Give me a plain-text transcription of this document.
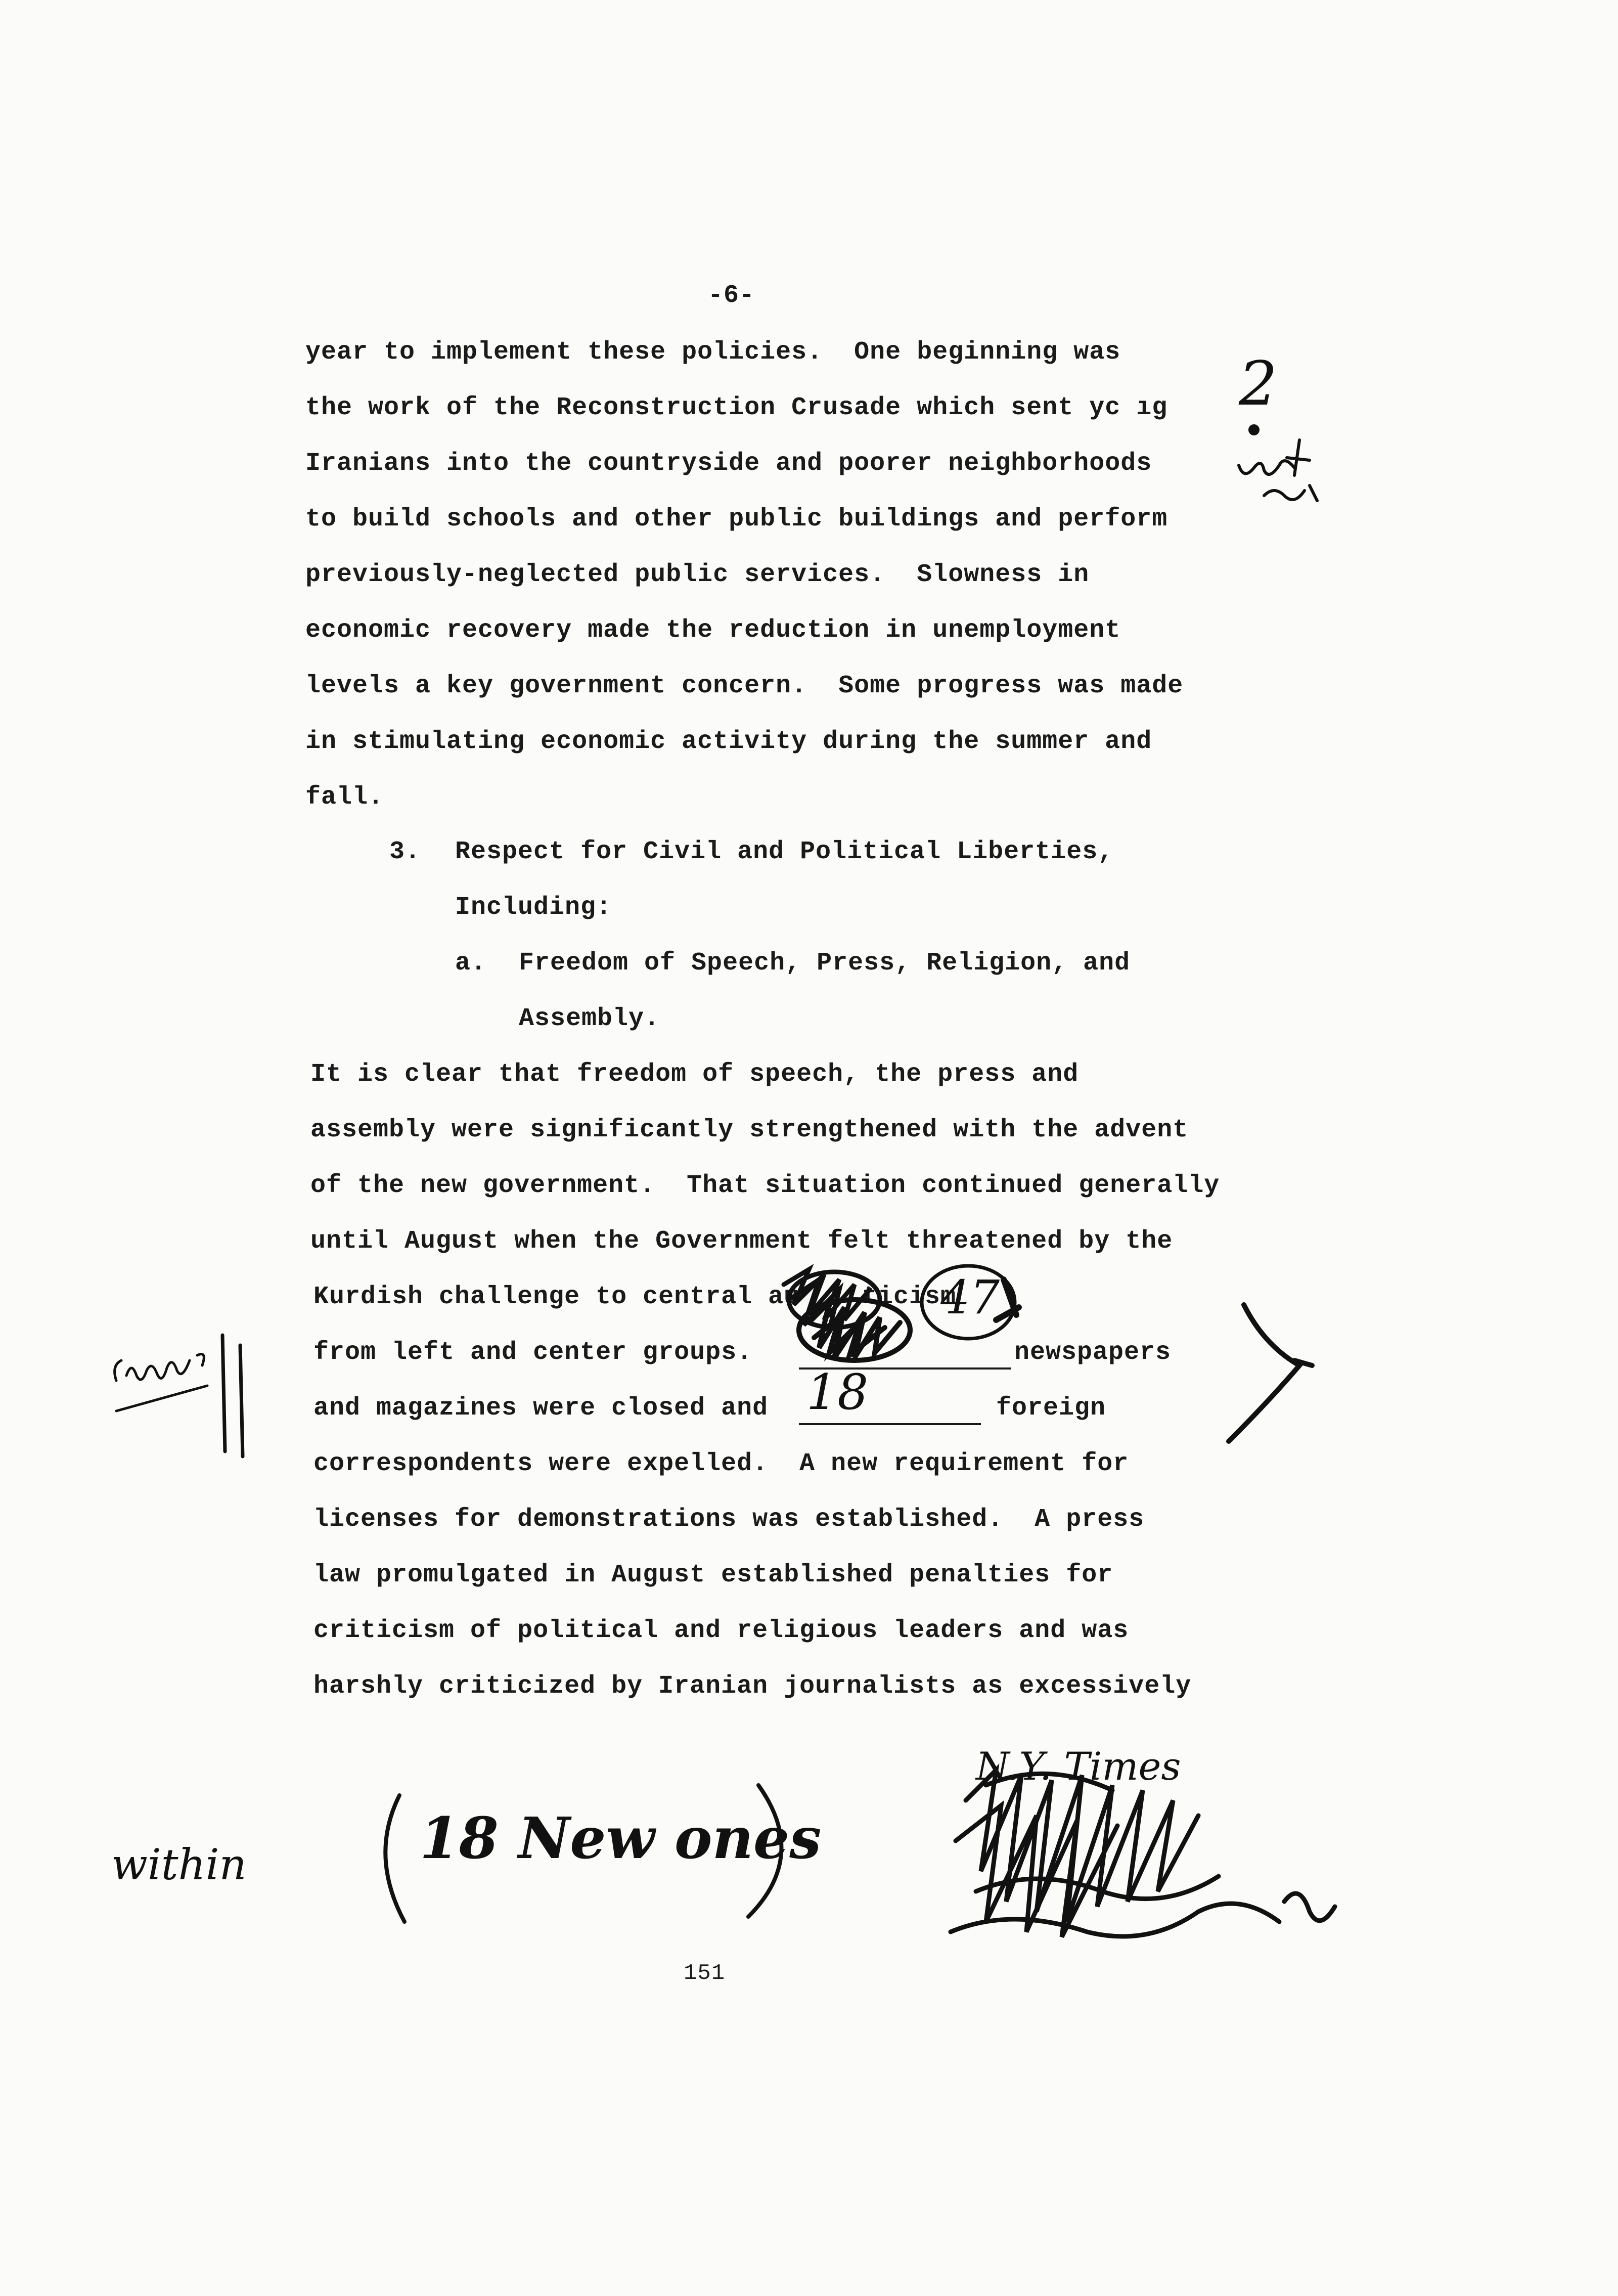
-6-
year to implement these policies.  One beginning was
the work of the Reconstruction Crusade which sent yc ıg
Iranians into the countryside and poorer neighborhoods
to build schools and other public buildings and perform
previously-neglected public services.  Slowness in
economic recovery made the reduction in unemployment
levels a key government concern.  Some progress was made
in stimulating economic activity during the summer and
fall.
3. Respect for Civil and Political Liberties,
Including:
a. Freedom of Speech, Press, Religion, and
Assembly.
It is clear that freedom of speech, the press and
assembly were significantly strengthened with the advent
of the new government.  That situation continued generally
until August when the Government felt threatened by the
Kurdish challenge to central au ticism
from left and center groups.	newspapers
and magazines were closed and	foreign
correspondents were expelled.  A new requirement for
licenses for demonstrations was established.  A press
law promulgated in August established penalties for
criticism of political and religious leaders and was
harshly criticized by Iranian journalists as excessively
47
18
2
within	18 New ones
N.Y. Times
151
